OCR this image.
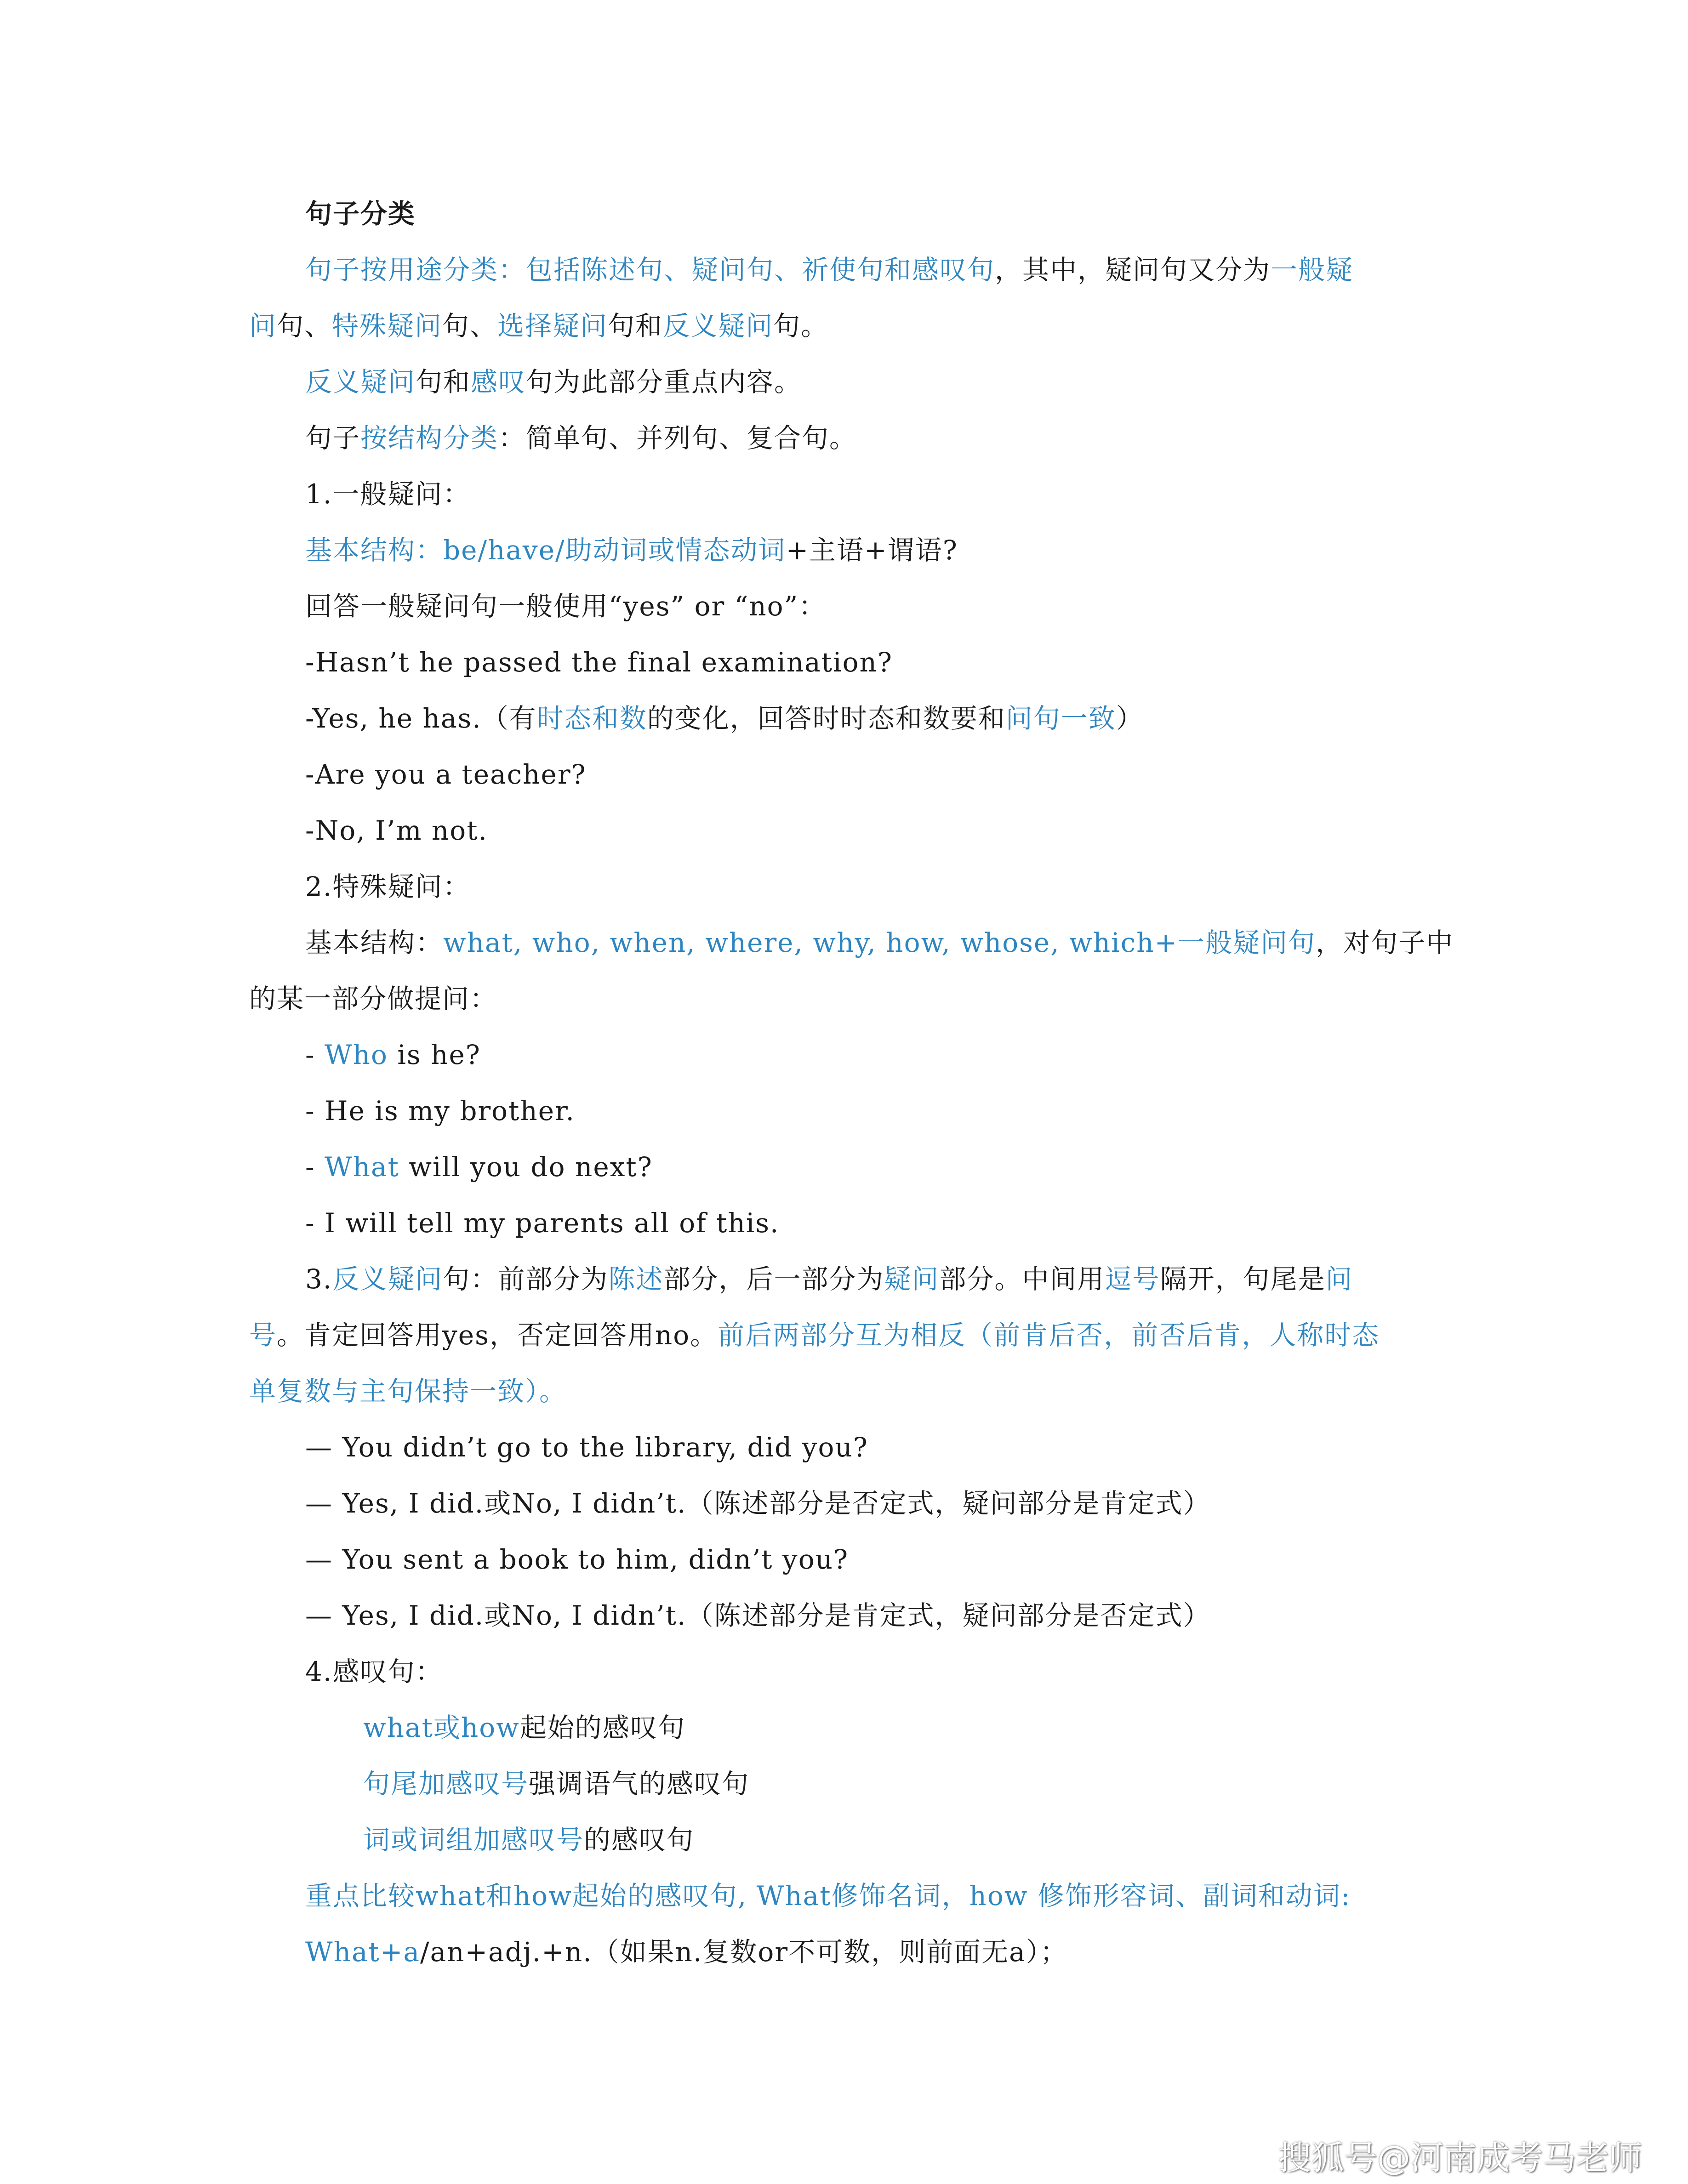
句子分类
句子按用途分类：包括陈述句、疑问句、祈使句和感叹句，其中，疑问句又分为一般疑
问句、特殊疑问句、选择疑问句和反义疑问句。
反义疑问句和感叹句为此部分重点内容。
句子按结构分类：简单句、并列句、复合句。
1.一般疑问：
基本结构：be/have/助动词或情态动词+主语+谓语?
回答一般疑问句一般使用“yes” or “no”：
-Hasn’t he passed the final examination?
-Yes, he has.（有时态和数的变化，回答时时态和数要和问句一致）
-Are you a teacher?
-No, I’m not.
2.特殊疑问：
基本结构：what, who, when, where, why, how, whose, which+一般疑问句，对句子中
的某一部分做提问：
- Who is he?
- He is my brother.
- What will you do next?
- I will tell my parents all of this.
3.反义疑问句：前部分为陈述部分，后一部分为疑问部分。中间用逗号隔开，句尾是问
号。肯定回答用yes，否定回答用no。前后两部分互为相反（前肯后否，前否后肯，人称时态
单复数与主句保持一致）。
— You didn’t go to the library, did you?
— Yes, I did.或No, I didn’t.（陈述部分是否定式，疑问部分是肯定式）
— You sent a book to him, didn’t you?
— Yes, I did.或No, I didn’t.（陈述部分是肯定式，疑问部分是否定式）
4.感叹句：
what或how起始的感叹句
句尾加感叹号强调语气的感叹句
词或词组加感叹号的感叹句
重点比较what和how起始的感叹句, What修饰名词，how 修饰形容词、副词和动词:
What+a/an+adj.+n.（如果n.复数or不可数，则前面无a）；
搜狐号@河南成考马老师
